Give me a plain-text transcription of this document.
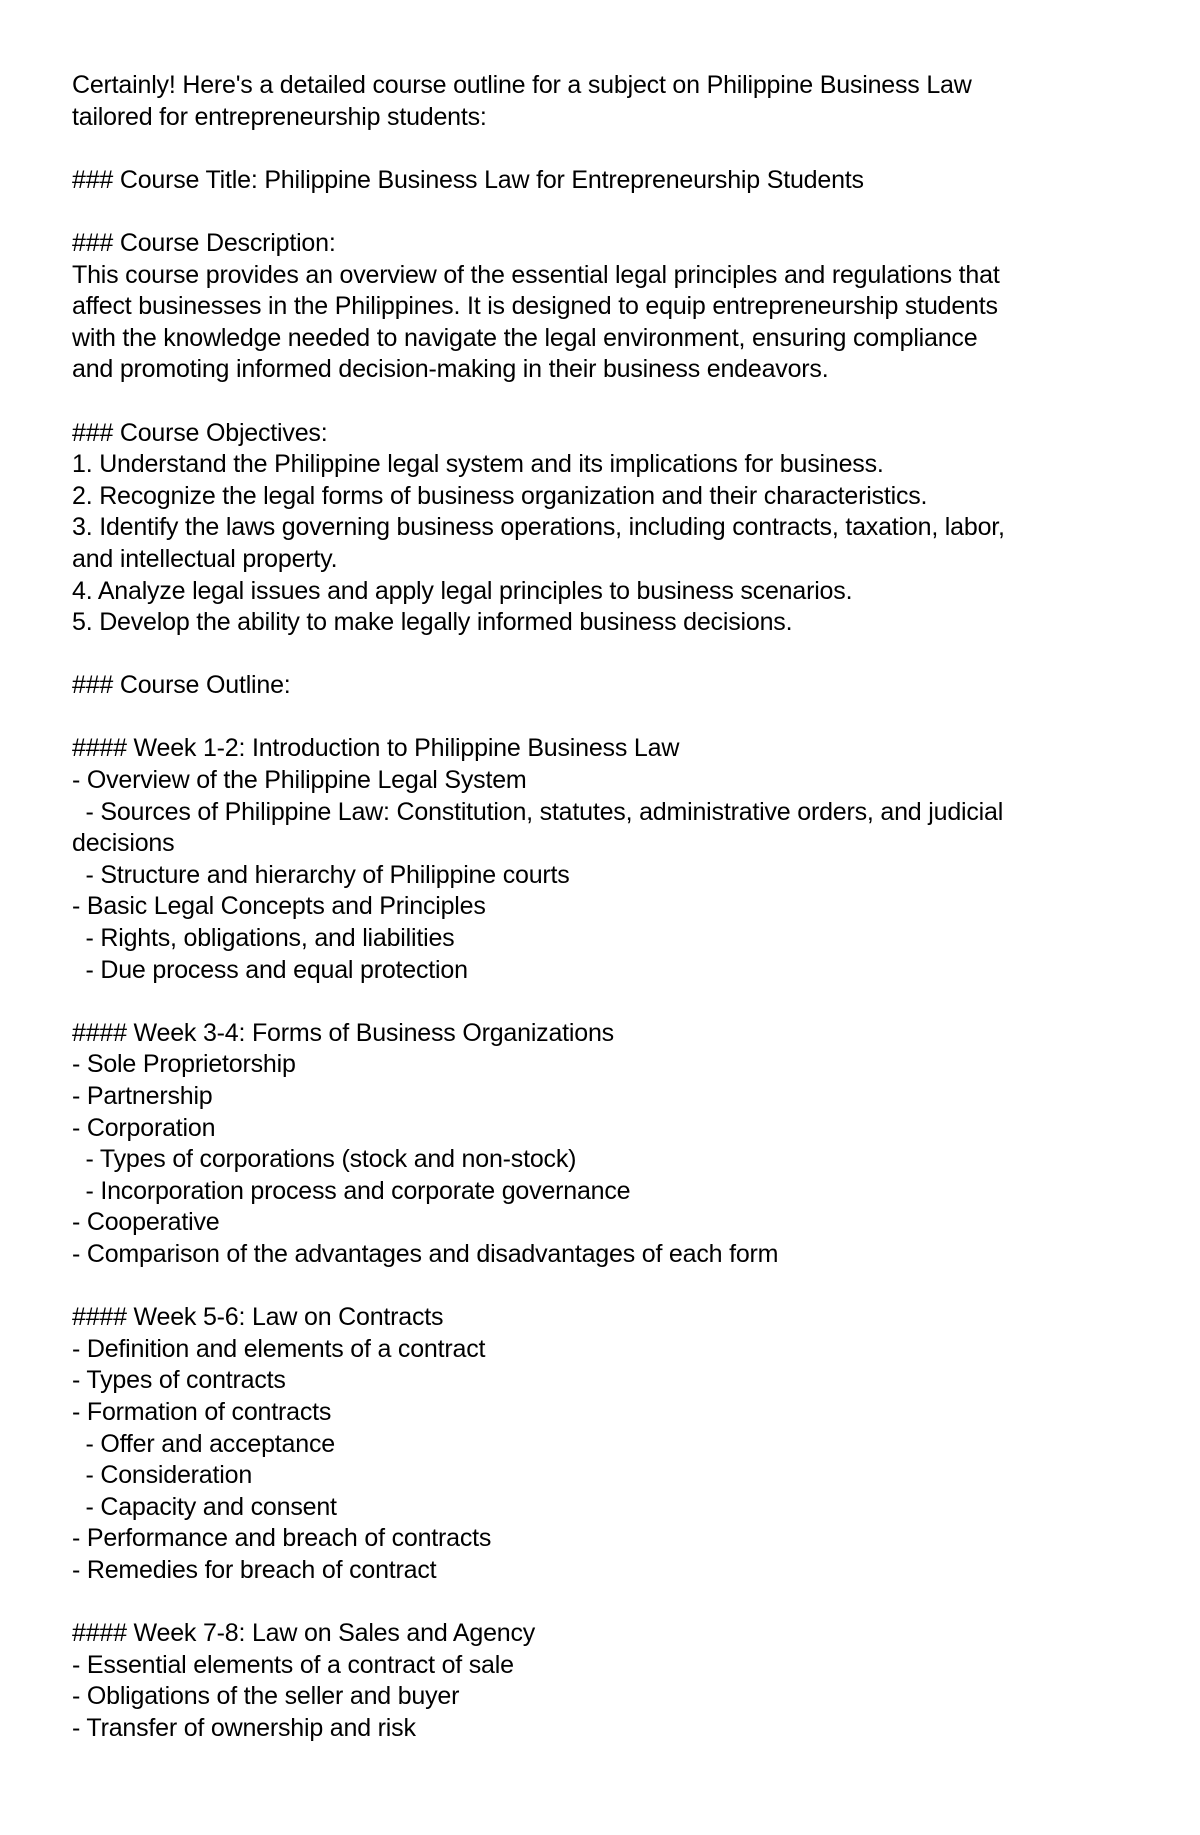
Certainly! Here's a detailed course outline for a subject on Philippine Business Law
tailored for entrepreneurship students:
### Course Title: Philippine Business Law for Entrepreneurship Students
### Course Description:
This course provides an overview of the essential legal principles and regulations that
affect businesses in the Philippines. It is designed to equip entrepreneurship students
with the knowledge needed to navigate the legal environment, ensuring compliance
and promoting informed decision-making in their business endeavors.
### Course Objectives:
1. Understand the Philippine legal system and its implications for business.
2. Recognize the legal forms of business organization and their characteristics.
3. Identify the laws governing business operations, including contracts, taxation, labor,
and intellectual property.
4. Analyze legal issues and apply legal principles to business scenarios.
5. Develop the ability to make legally informed business decisions.
### Course Outline:
#### Week 1-2: Introduction to Philippine Business Law
- Overview of the Philippine Legal System
- Sources of Philippine Law: Constitution, statutes, administrative orders, and judicial
decisions
- Structure and hierarchy of Philippine courts
- Basic Legal Concepts and Principles
- Rights, obligations, and liabilities
- Due process and equal protection
#### Week 3-4: Forms of Business Organizations
- Sole Proprietorship
- Partnership
- Corporation
- Types of corporations (stock and non-stock)
- Incorporation process and corporate governance
- Cooperative
- Comparison of the advantages and disadvantages of each form
#### Week 5-6: Law on Contracts
- Definition and elements of a contract
- Types of contracts
- Formation of contracts
- Offer and acceptance
- Consideration
- Capacity and consent
- Performance and breach of contracts
- Remedies for breach of contract
#### Week 7-8: Law on Sales and Agency
- Essential elements of a contract of sale
- Obligations of the seller and buyer
- Transfer of ownership and risk
